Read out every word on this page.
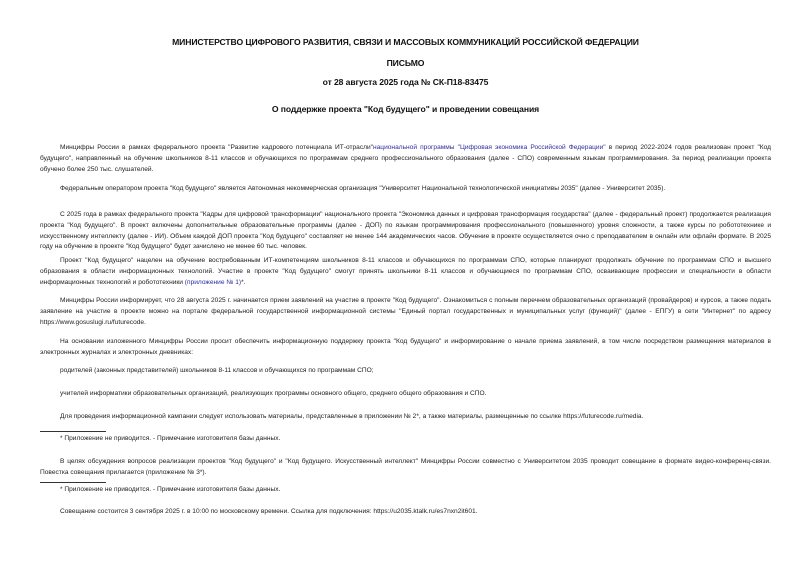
МИНИСТЕРСТВО ЦИФРОВОГО РАЗВИТИЯ, СВЯЗИ И МАССОВЫХ КОММУНИКАЦИЙ РОССИЙСКОЙ ФЕДЕРАЦИИ
ПИСЬМО
от 28 августа 2025 года № СК-П18-83475
О поддержке проекта "Код будущего" и проведении совещания
Минцифры России в рамках федерального проекта "Развитие кадрового потенциала ИТ-отрасли"национальной программы "Цифровая экономика Российской Федерации" в период 2022-2024 годов реализован проект "Код будущего", направленный на обучение школьников 8-11 классов и обучающихся по программам среднего профессионального образования (далее - СПО) современным языкам программирования. За период реализации проекта обучено более 250 тыс. слушателей.
Федеральным оператором проекта "Код будущего" является Автономная некоммерческая организация "Университет Национальной технологической инициативы 2035" (далее - Университет 2035).
С 2025 года в рамках федерального проекта "Кадры для цифровой трансформации" национального проекта "Экономика данных и цифровая трансформация государства" (далее - федеральный проект) продолжается реализация проекта "Код будущего". В проект включены дополнительные образовательные программы (далее - ДОП) по языкам программирования профессионального (повышенного) уровня сложности, а также курсы по робототехнике и искусственному интеллекту (далее - ИИ). Объем каждой ДОП проекта "Код будущего" составляет не менее 144 академических часов. Обучение в проекте осуществляется очно с преподавателем в онлайн или офлайн формате. В 2025 году на обучение в проекте "Код будущего" будет зачислено не менее 60 тыс. человек.
Проект "Код будущего" нацелен на обучение востребованным ИТ-компетенциям школьников 8-11 классов и обучающихся по программам СПО, которые планируют продолжать обучение по программам СПО и высшего образования в области информационных технологий. Участие в проекте "Код будущего" смогут принять школьники 8-11 классов и обучающиеся по программам СПО, осваивающие профессии и специальности в области информационных технологий и робототехники (приложение № 1)*.
Минцифры России информирует, что 28 августа 2025 г. начинается прием заявлений на участие в проекте "Код будущего". Ознакомиться с полным перечнем образовательных организаций (провайдеров) и курсов, а также подать заявление на участие в проекте можно на портале федеральной государственной информационной системы "Единый портал государственных и муниципальных услуг (функций)" (далее - ЕПГУ) в сети "Интернет" по адресу https://www.gosuslugi.ru/futurecode.
На основании изложенного Минцифры России просит обеспечить информационную поддержку проекта "Код будущего" и информирование о начале приема заявлений, в том числе посредством размещения материалов в электронных журналах и электронных дневниках:
родителей (законных представителей) школьников 8-11 классов и обучающихся по программам СПО;
учителей информатики образовательных организаций, реализующих программы основного общего, среднего общего образования и СПО.
Для проведения информационной кампании следует использовать материалы, представленные в приложении № 2*, а также материалы, размещенные по ссылке https://futurecode.ru/media.
* Приложение не приводится. - Примечание изготовителя базы данных.
В целях обсуждения вопросов реализации проектов "Код будущего" и "Код будущего. Искусственный интеллект" Минцифры России совместно с Университетом 2035 проводит совещание в формате видео-конференц-связи. Повестка совещания прилагается (приложение № 3*).
* Приложение не приводится. - Примечание изготовителя базы данных.
Совещание состоится 3 сентября 2025 г. в 10:00 по московскому времени. Ссылка для подключения: https://u2035.ktalk.ru/es7nxn2it601.
